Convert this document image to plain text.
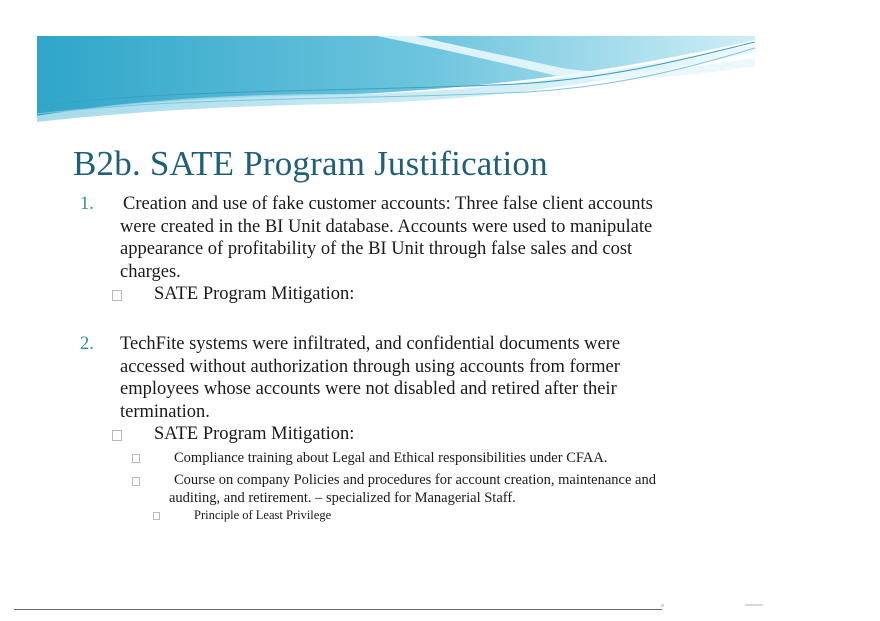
B2b. SATE Program Justification
1. Creation and use of fake customer accounts: Three false client accounts were created in the BI Unit database. Accounts were used to manipulate appearance of profitability of the BI Unit through false sales and cost charges.
SATE Program Mitigation:
2. TechFite systems were infiltrated, and confidential documents were accessed without authorization through using accounts from former employees whose accounts were not disabled and retired after their termination.
SATE Program Mitigation:
Compliance training about Legal and Ethical responsibilities under CFAA.
Course on company Policies and procedures for account creation, maintenance and auditing, and retirement. – specialized for Managerial Staff.
Principle of Least Privilege
